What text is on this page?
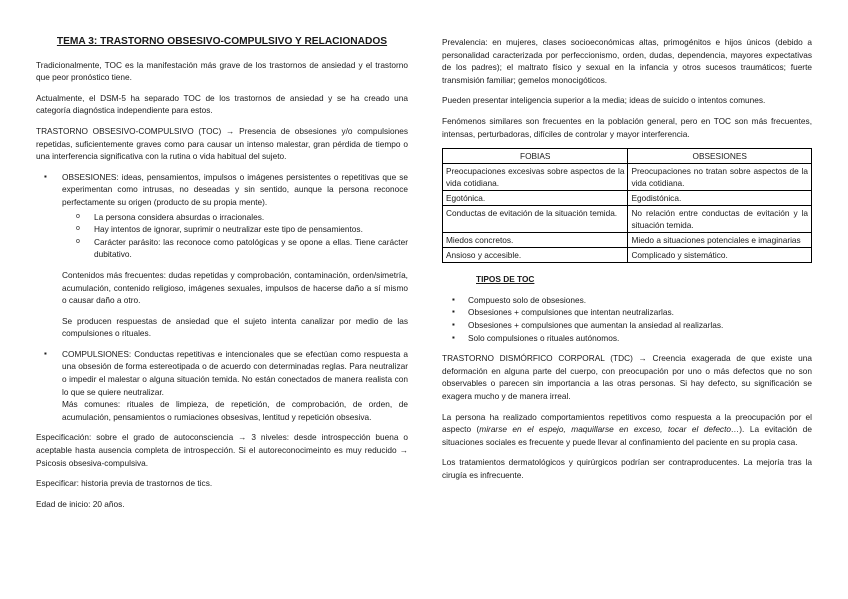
TEMA 3: TRASTORNO OBSESIVO-COMPULSIVO Y RELACIONADOS

Tradicionalmente, TOC es la manifestación más grave de los trastornos de ansiedad y el trastorno que peor pronóstico tiene.

Actualmente, el DSM-5 ha separado TOC de los trastornos de ansiedad y se ha creado una categoría diagnóstica independiente para estos.

TRASTORNO OBSESIVO-COMPULSIVO (TOC) → Presencia de obsesiones y/o compulsiones repetidas, suficientemente graves como para causar un intenso malestar, gran pérdida de tiempo o una interferencia significativa con la rutina o vida habitual del sujeto.

▪ OBSESIONES: ideas, pensamientos, impulsos o imágenes persistentes o repetitivas que se experimentan como intrusas, no deseadas y sin sentido, aunque la persona reconoce perfectamente su origen (producto de su propia mente).
o La persona considera absurdas o irracionales.
o Hay intentos de ignorar, suprimir o neutralizar este tipo de pensamientos.
o Carácter parásito: las reconoce como patológicas y se opone a ellas. Tiene carácter dubitativo.

Contenidos más frecuentes: dudas repetidas y comprobación, contaminación, orden/simetría, acumulación, contenido religioso, imágenes sexuales, impulsos de hacerse daño a sí mismo o causar daño a otro.

Se producen respuestas de ansiedad que el sujeto intenta canalizar por medio de las compulsiones o rituales.

▪ COMPULSIONES: Conductas repetitivas e intencionales que se efectúan como respuesta a una obsesión de forma estereotipada o de acuerdo con determinadas reglas. Para neutralizar o impedir el malestar o alguna situación temida. No están conectados de manera realista con lo que se quiere neutralizar.
Más comunes: rituales de limpieza, de repetición, de comprobación, de orden, de acumulación, pensamientos o rumiaciones obsesivas, lentitud y repetición obsesiva.

Especificación: sobre el grado de autoconsciencia → 3 niveles: desde introspección buena o aceptable hasta ausencia completa de introspección. Si el autoreconocimeinto es muy reducido → Psicosis obsesiva-compulsiva.

Especificar: historia previa de trastornos de tics.

Edad de inicio: 20 años.

Prevalencia: en mujeres, clases socioeconómicas altas, primogénitos e hijos únicos (debido a personalidad caracterizada por perfeccionismo, orden, dudas, dependencia, mayores expectativas de los padres); el maltrato físico y sexual en la infancia y otros sucesos traumáticos; fuerte transmisión familiar; gemelos monocigóticos.

Pueden presentar inteligencia superior a la media; ideas de suicido o intentos comunes.

Fenómenos similares son frecuentes en la población general, pero en TOC son más frecuentes, intensas, perturbadoras, difíciles de controlar y mayor interferencia.

FOBIAS	OBSESIONES
Preocupaciones excesivas sobre aspectos de la vida cotidiana.	Preocupaciones no tratan sobre aspectos de la vida cotidiana.
Egotónica.	Egodistónica.
Conductas de evitación de la situación temida.	No relación entre conductas de evitación y la situación temida.
Miedos concretos.	Miedo a situaciones potenciales e imaginarias
Ansioso y accesible.	Complicado y sistemático.
TIPOS DE TOC
▪ Compuesto solo de obsesiones.
▪ Obsesiones + compulsiones que intentan neutralizarlas.
▪ Obsesiones + compulsiones que aumentan la ansiedad al realizarlas.
▪ Solo compulsiones o rituales autónomos.

TRASTORNO DISMÓRFICO CORPORAL (TDC) → Creencia exagerada de que existe una deformación en alguna parte del cuerpo, con preocupación por uno o más defectos que no son observables o parecen sin importancia a las otras personas. Si hay defecto, su significación se exagera mucho y de manera irreal.

La persona ha realizado comportamientos repetitivos como respuesta a la preocupación por el aspecto (mirarse en el espejo, maquillarse en exceso, tocar el defecto…). La evitación de situaciones sociales es frecuente y puede llevar al confinamiento del paciente en su propia casa.

Los tratamientos dermatológicos y quirúrgicos podrían ser contraproducentes. La mejoría tras la cirugía es infrecuente.
